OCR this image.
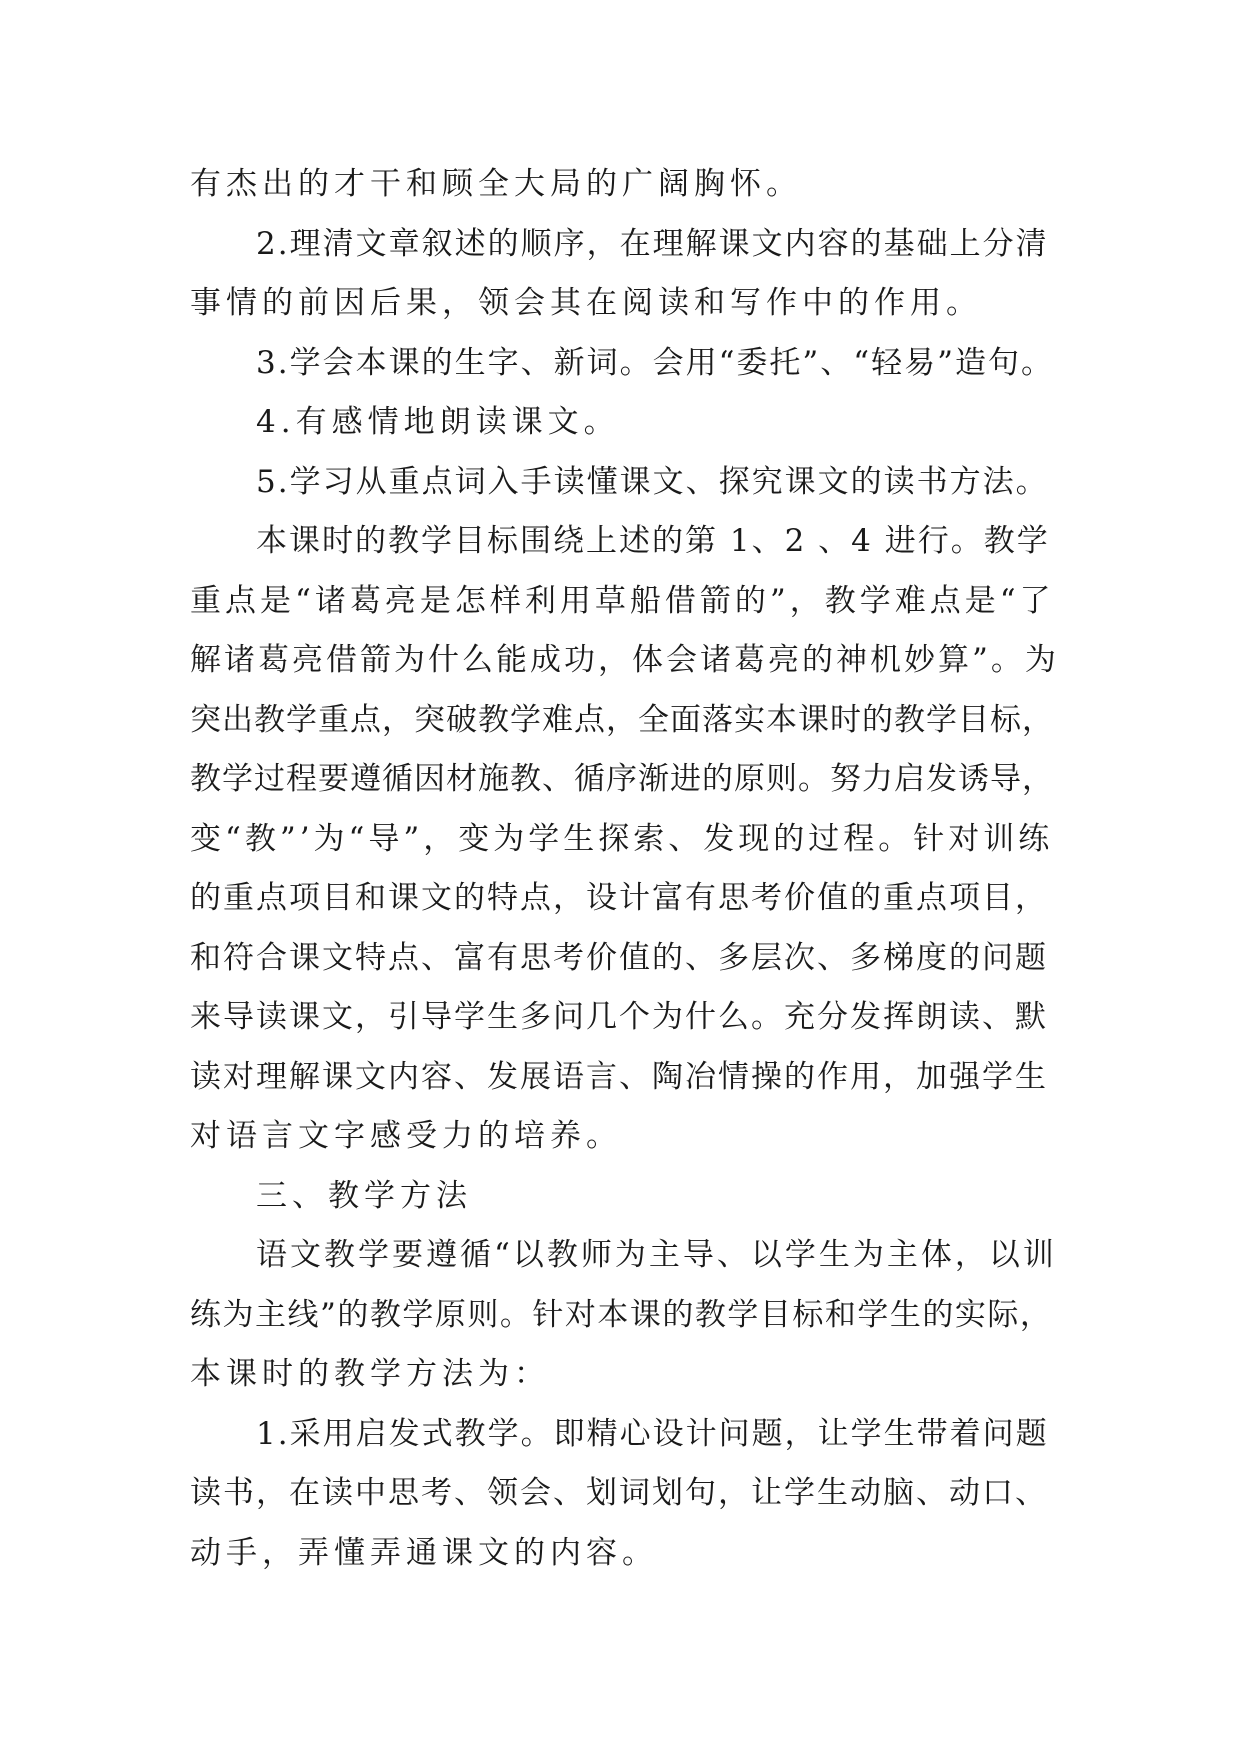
有杰出的才干和顾全大局的广阔胸怀。
2.理清文章叙述的顺序，在理解课文内容的基础上分清
事情的前因后果，领会其在阅读和写作中的作用。
3.学会本课的生字、新词。会用“委托”、“轻易”造句。
4.有感情地朗读课文。
5.学习从重点词入手读懂课文、探究课文的读书方法。
本课时的教学目标围绕上述的第 1、2 、4 进行。教学
重点是“诸葛亮是怎样利用草船借箭的”，教学难点是“了
解诸葛亮借箭为什么能成功，体会诸葛亮的神机妙算”。为
突出教学重点，突破教学难点，全面落实本课时的教学目标，
教学过程要遵循因材施教、循序渐进的原则。努力启发诱导，
变“教”’为“导”，变为学生探索、发现的过程。针对训练
的重点项目和课文的特点，设计富有思考价值的重点项目，
和符合课文特点、富有思考价值的、多层次、多梯度的问题
来导读课文，引导学生多问几个为什么。充分发挥朗读、默
读对理解课文内容、发展语言、陶冶情操的作用，加强学生
对语言文字感受力的培养。
三、教学方法
语文教学要遵循“以教师为主导、以学生为主体，以训
练为主线”的教学原则。针对本课的教学目标和学生的实际，
本课时的教学方法为：
1.采用启发式教学。即精心设计问题，让学生带着问题
读书，在读中思考、领会、划词划句，让学生动脑、动口、
动手，弄懂弄通课文的内容。
